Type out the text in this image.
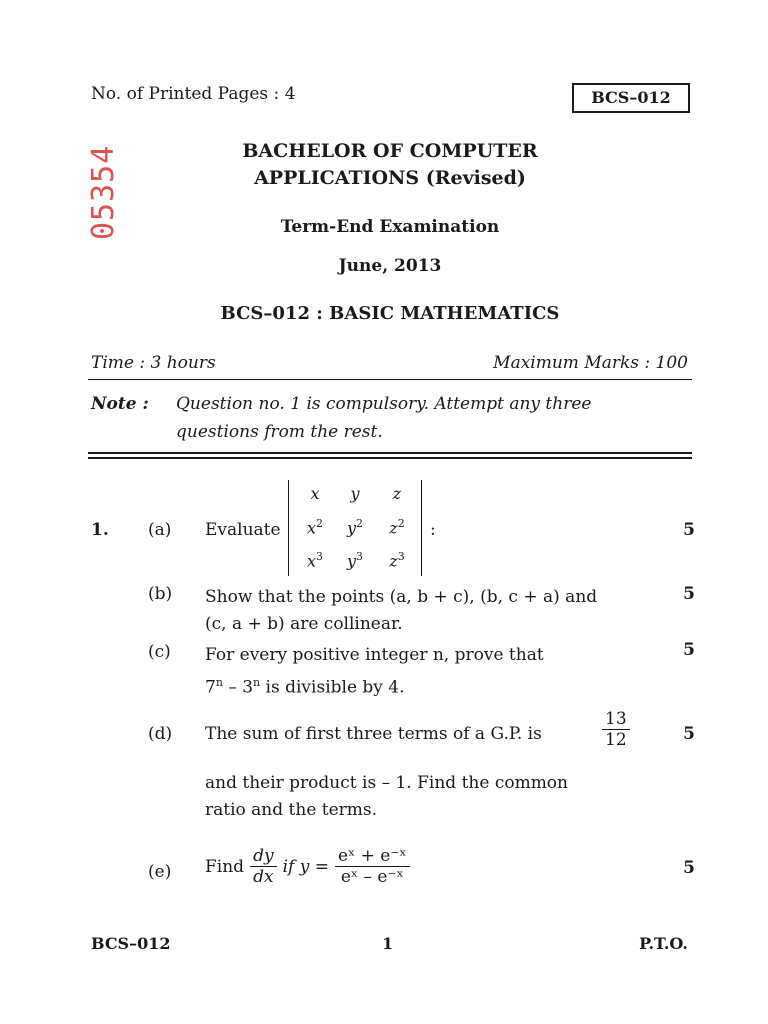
No. of Printed Pages : 4	BCS–012
05354	BACHELOR OF COMPUTER
APPLICATIONS (Revised)
Term-End Examination
June, 2013
BCS–012 : BASIC MATHEMATICS
Time : 3 hours	Maximum Marks : 100
Note : Question no. 1 is compulsory. Attempt any three
questions from the rest.
1. (a) Evaluate
x	y	z
$x^2$	$y^2$	$z^2$
$x^3$	$y^3$	$z^3$
:	5
(b) Show that the points (a, b + c), (b, c + a) and
(c, a + b) are collinear.
5
(c) For every positive integer n, prove that
7$^n$ – 3$^n$ is divisible by 4.
5
(d) The sum of first three terms of a G.P. is	$\frac{13}{12}$
and their product is – 1. Find the common
ratio and the terms.
5
(e) Find $\frac{dy}{dx}$ if $y = \frac{\text{eˣ + e⁻ˣ}}{\text{eˣ – e⁻ˣ}}$	5
BCS–012	1	P.T.O.
